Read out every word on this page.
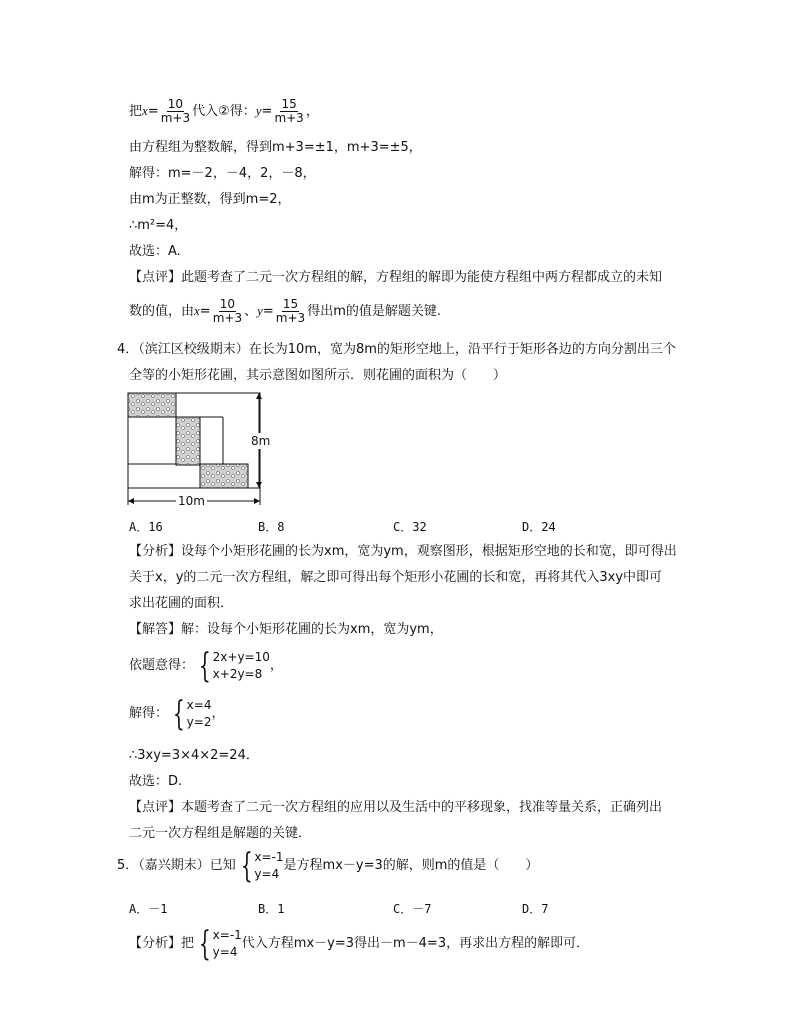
把$x= \frac{10}{m+3}$ 代入②得：$y= \frac{15}{m+3}$ ，
由方程组为整数解，得到m+3=±1，m+3=±5，
解得：m=－2，－4，2，－8，
由m为正整数，得到m=2，
∴m²=4，
故选：A.
【点评】此题考查了二元一次方程组的解，方程组的解即为能使方程组中两方程都成立的未知
数的值，由$x= \frac{10}{m+3}$ 、$y= \frac{15}{m+3}$ 得出m的值是解题关键.
4．（滨江区校级期末）在长为10m，宽为8m的矩形空地上，沿平行于矩形各边的方向分割出三个
全等的小矩形花圃，其示意图如图所示．则花圃的面积为（　　）
8m
10m
A．16	B．8	C．32	D．24
【分析】设每个小矩形花圃的长为xm，宽为ym，观察图形，根据矩形空地的长和宽，即可得出
关于x，y的二元一次方程组，解之即可得出每个矩形小花圃的长和宽，再将其代入3xy中即可
求出花圃的面积．
【解答】解：设每个小矩形花圃的长为xm，宽为ym，
依题意得： { 2x+y=10
x+2y=8
，
解得： { x=4
y=2
，
∴3xy=3×4×2=24．
故选：D.
【点评】本题考查了二元一次方程组的应用以及生活中的平移现象，找准等量关系，正确列出
二元一次方程组是解题的关键．
5．（嘉兴期末）已知 { x=-1
y=4
是方程mx－y=3的解，则m的值是（　　）
A．－1	B．1	C．－7	D．7
【分析】把 { x=-1
y=4
代入方程mx－y=3得出－m－4=3，再求出方程的解即可．
